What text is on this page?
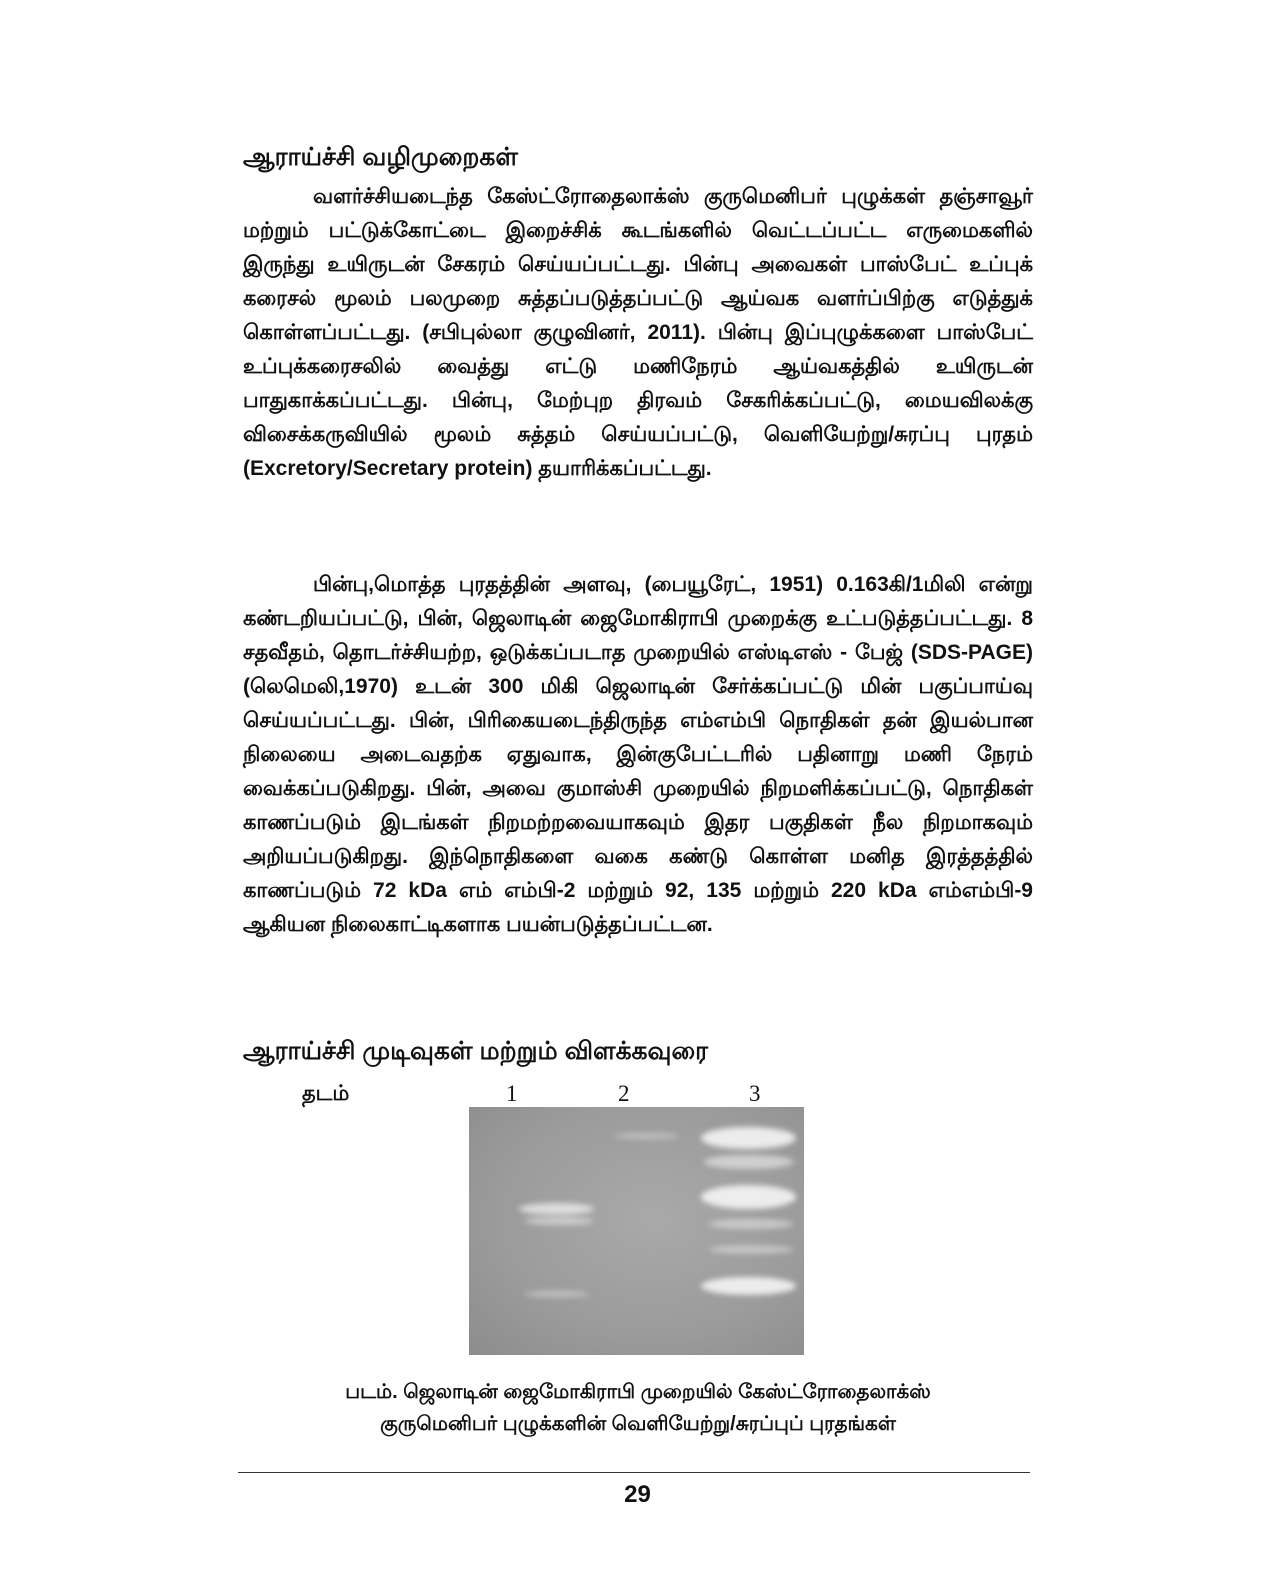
ஆராய்ச்சி வழிமுறைகள்
வளர்ச்சியடைந்த கேஸ்ட்ரோதைலாக்ஸ் குருமெனிபர் புழுக்கள் தஞ்சாவூர் மற்றும் பட்டுக்கோட்டை இறைச்சிக் கூடங்களில் வெட்டப்பட்ட எருமைகளில் இருந்து உயிருடன் சேகரம் செய்யப்பட்டது. பின்பு அவைகள் பாஸ்பேட் உப்புக் கரைசல் மூலம் பலமுறை சுத்தப்படுத்தப்பட்டு ஆய்வக வளர்ப்பிற்கு எடுத்துக் கொள்ளப்பட்டது. (சபிபுல்லா குழுவினர், 2011). பின்பு இப்புழுக்களை பாஸ்பேட் உப்புக்கரைசலில் வைத்து எட்டு மணிநேரம் ஆய்வகத்தில் உயிருடன் பாதுகாக்கப்பட்டது. பின்பு, மேற்புற திரவம் சேகரிக்கப்பட்டு, மையவிலக்கு விசைக்கருவியில் மூலம் சுத்தம் செய்யப்பட்டு, வெளியேற்று/சுரப்பு புரதம் (Excretory/Secretary protein) தயாரிக்கப்பட்டது.
பின்பு,மொத்த புரதத்தின் அளவு, (பையூரேட், 1951) 0.163கி/1மிலி என்று கண்டறியப்பட்டு, பின், ஜெலாடின் ஜைமோகிராபி முறைக்கு உட்படுத்தப்பட்டது. 8 சதவீதம், தொடர்ச்சியற்ற, ஒடுக்கப்படாத முறையில் எஸ்டிஎஸ் - பேஜ் (SDS-PAGE) (லெமெலி,1970) உடன் 300 மிகி ஜெலாடின் சேர்க்கப்பட்டு மின் பகுப்பாய்வு செய்யப்பட்டது. பின், பிரிகையடைந்திருந்த எம்எம்பி நொதிகள் தன் இயல்பான நிலையை அடைவதற்க ஏதுவாக, இன்குபேட்டரில் பதினாறு மணி நேரம் வைக்கப்படுகிறது. பின், அவை குமாஸ்சி முறையில் நிறமளிக்கப்பட்டு, நொதிகள் காணப்படும் இடங்கள் நிறமற்றவையாகவும் இதர பகுதிகள் நீல நிறமாகவும் அறியப்படுகிறது. இந்நொதிகளை வகை கண்டு கொள்ள மனித இரத்தத்தில் காணப்படும் 72 kDa எம் எம்பி-2 மற்றும் 92, 135 மற்றும் 220 kDa எம்எம்பி-9 ஆகியன நிலைகாட்டிகளாக பயன்படுத்தப்பட்டன.
ஆராய்ச்சி முடிவுகள் மற்றும் விளக்கவுரை
தடம்	1	2	3
படம். ஜெலாடின் ஜைமோகிராபி முறையில் கேஸ்ட்ரோதைலாக்ஸ்
குருமெனிபர் புழுக்களின் வெளியேற்று/சுரப்புப் புரதங்கள்
29
